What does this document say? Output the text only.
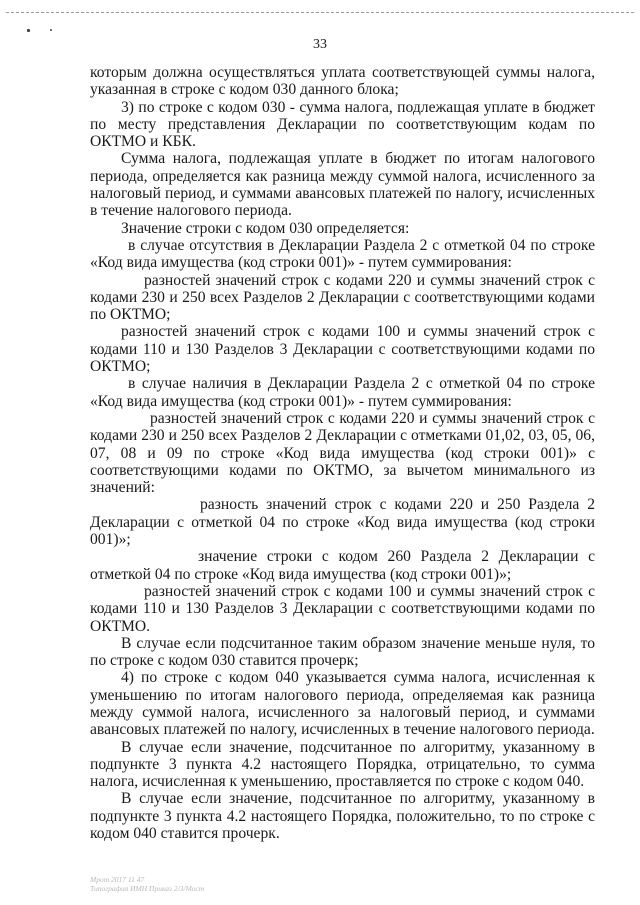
33

которым должна осуществляться уплата соответствующей суммы налога, указанная в строке с кодом 030 данного блока;

3) по строке с кодом 030 - сумма налога, подлежащая уплате в бюджет по месту представления Декларации по соответствующим кодам по ОКТМО и КБК.

Сумма налога, подлежащая уплате в бюджет по итогам налогового периода, определяется как разница между суммой налога, исчисленного за налоговый период, и суммами авансовых платежей по налогу, исчисленных в течение налогового периода.

Значение строки с кодом 030 определяется:

в случае отсутствия в Декларации Раздела 2 с отметкой 04 по строке «Код вида имущества (код строки 001)» - путем суммирования:

разностей значений строк с кодами 220 и суммы значений строк с кодами 230 и 250 всех Разделов 2 Декларации с соответствующими кодами по ОКТМО;

разностей значений строк с кодами 100 и суммы значений строк с кодами 110 и 130 Разделов 3 Декларации с соответствующими кодами по ОКТМО;

в случае наличия в Декларации Раздела 2 с отметкой 04 по строке «Код вида имущества (код строки 001)» - путем суммирования:

разностей значений строк с кодами 220 и суммы значений строк с кодами 230 и 250 всех Разделов 2 Декларации с отметками 01,02, 03, 05, 06, 07, 08 и 09 по строке «Код вида имущества (код строки 001)» с соответствующими кодами по ОКТМО, за вычетом минимального из значений:

разность значений строк с кодами 220 и 250 Раздела 2 Декларации с отметкой 04 по строке «Код вида имущества (код строки 001)»;

значение строки с кодом 260 Раздела 2 Декларации с отметкой 04 по строке «Код вида имущества (код строки 001)»;

разностей значений строк с кодами 100 и суммы значений строк с кодами 110 и 130 Разделов 3 Декларации с соответствующими кодами по ОКТМО.

В случае если подсчитанное таким образом значение меньше нуля, то по строке с кодом 030 ставится прочерк;

4) по строке с кодом 040 указывается сумма налога, исчисленная к уменьшению по итогам налогового периода, определяемая как разница между суммой налога, исчисленного за налоговый период, и суммами авансовых платежей по налогу, исчисленных в течение налогового периода.

В случае если значение, подсчитанное по алгоритму, указанному в подпункте 3 пункта 4.2 настоящего Порядка, отрицательно, то сумма налога, исчисленная к уменьшению, проставляется по строке с кодом 040.

В случае если значение, подсчитанное по алгоритму, указанному в подпункте 3 пункта 4.2 настоящего Порядка, положительно, то по строке с кодом 040 ставится прочерк.

Мрот 2017 11 47
Типография ИМН Приказ 2/3/Мост
